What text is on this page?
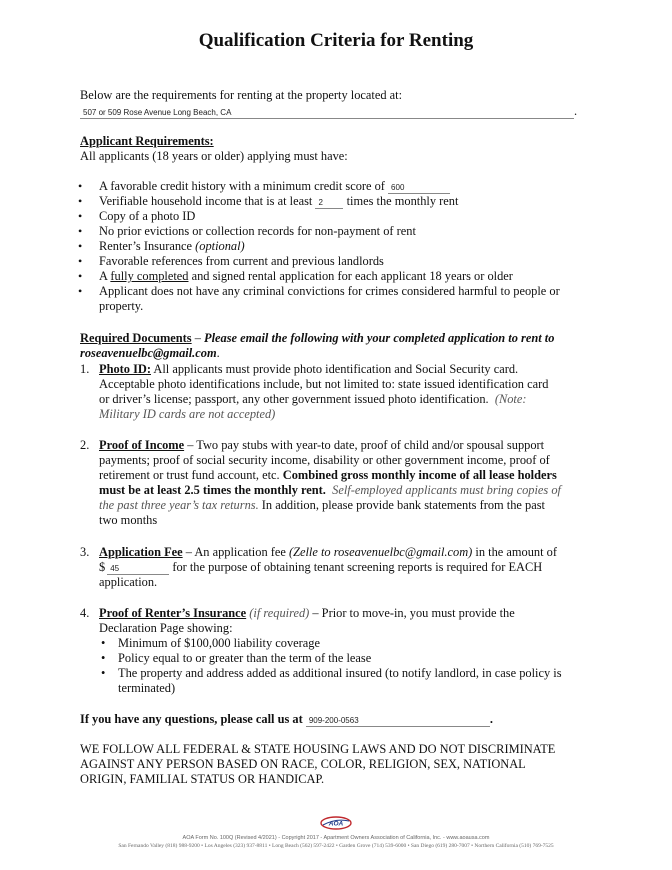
Qualification Criteria for Renting
Below are the requirements for renting at the property located at:
507 or 509 Rose Avenue Long Beach, CA	.
Applicant Requirements:
All applicants (18 years or older) applying must have:
• A favorable credit history with a minimum credit score of 600
• Verifiable household income that is at least 2 times the monthly rent
• Copy of a photo ID
• No prior evictions or collection records for non-payment of rent
• Renter’s Insurance (optional)
• Favorable references from current and previous landlords
• A fully completed and signed rental application for each applicant 18 years or older
• Applicant does not have any criminal convictions for crimes considered harmful to people or
property.
Required Documents – Please email the following with your completed application to rent to
roseavenuelbc@gmail.com.
1. Photo ID: All applicants must provide photo identification and Social Security card.
Acceptable photo identifications include, but not limited to: state issued identification card
or driver’s license; passport, any other government issued photo identification. (Note:
Military ID cards are not accepted)
2. Proof of Income – Two pay stubs with year-to date, proof of child and/or spousal support
payments; proof of social security income, disability or other government income, proof of
retirement or trust fund account, etc. Combined gross monthly income of all lease holders
must be at least 2.5 times the monthly rent. Self-employed applicants must bring copies of
the past three year’s tax returns. In addition, please provide bank statements from the past
two months
3. Application Fee – An application fee (Zelle to roseavenuelbc@gmail.com) in the amount of
$ 45	for the purpose of obtaining tenant screening reports is required for EACH
application.
4. Proof of Renter’s Insurance (if required) – Prior to move-in, you must provide the
Declaration Page showing:
• Minimum of $100,000 liability coverage
• Policy equal to or greater than the term of the lease
• The property and address added as additional insured (to notify landlord, in case policy is
terminated)
If you have any questions, please call us at 909-200-0563	.
WE FOLLOW ALL FEDERAL & STATE HOUSING LAWS AND DO NOT DISCRIMINATE
AGAINST ANY PERSON BASED ON RACE, COLOR, RELIGION, SEX, NATIONAL
ORIGIN, FAMILIAL STATUS OR HANDICAP.
AOA
AOA Form No. 100Q (Revised 4/2021) - Copyright 2017 - Apartment Owners Association of California, Inc. - www.aoausa.com
San Fernando Valley (818) 988-9200 • Los Angeles (323) 937-8811 • Long Beach (562) 597-2422 • Garden Grove (714) 539-6000 • San Diego (619) 280-7007 • Northern California (510) 769-7525
